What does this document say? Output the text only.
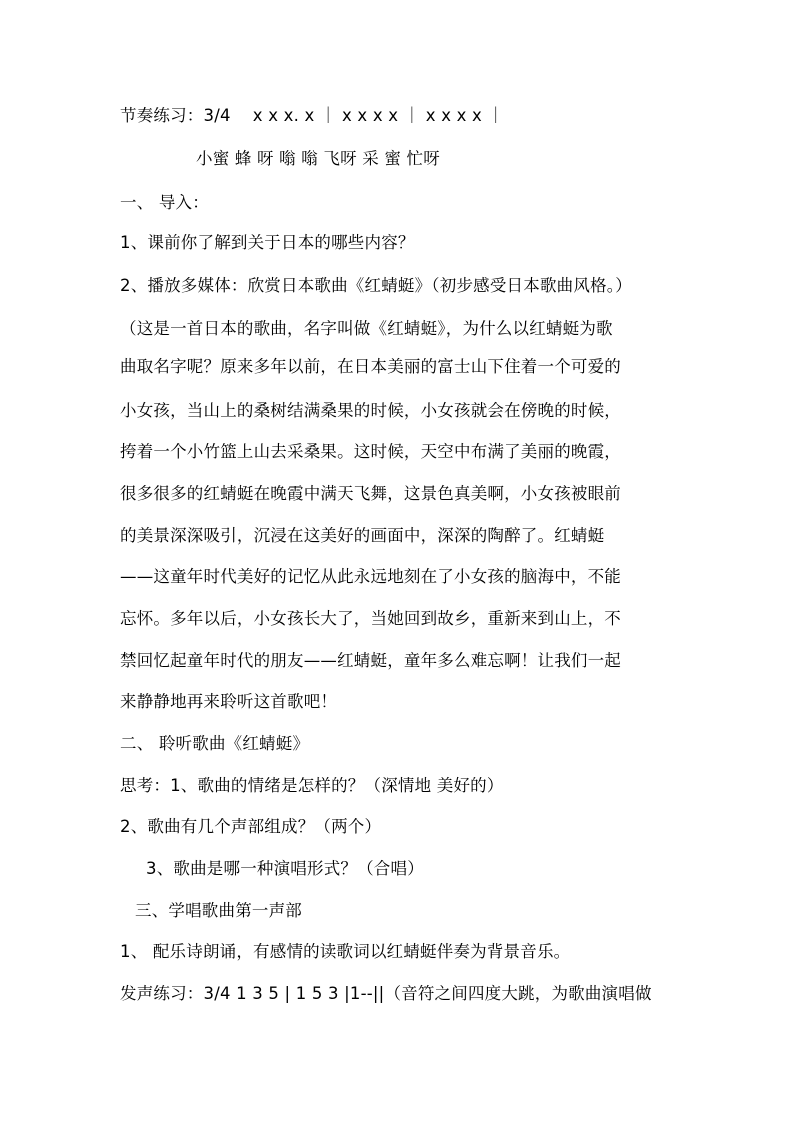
节奏练习：3/4　 x x x. x ｜ x x x x ｜ x x x x ｜
小蜜 蜂 呀 嗡 嗡 飞呀 采 蜜 忙呀
一、 导入：
1、课前你了解到关于日本的哪些内容？
2、播放多媒体：欣赏日本歌曲《红蜻蜓》（初步感受日本歌曲风格。）
（这是一首日本的歌曲，名字叫做《红蜻蜓》，为什么以红蜻蜓为歌
曲取名字呢？原来多年以前，在日本美丽的富士山下住着一个可爱的
小女孩，当山上的桑树结满桑果的时候，小女孩就会在傍晚的时候，
挎着一个小竹篮上山去采桑果。这时候，天空中布满了美丽的晚霞，
很多很多的红蜻蜓在晚霞中满天飞舞，这景色真美啊，小女孩被眼前
的美景深深吸引，沉浸在这美好的画面中，深深的陶醉了。红蜻蜓
——这童年时代美好的记忆从此永远地刻在了小女孩的脑海中，不能
忘怀。多年以后，小女孩长大了，当她回到故乡，重新来到山上，不
禁回忆起童年时代的朋友——红蜻蜓，童年多么难忘啊！让我们一起
来静静地再来聆听这首歌吧！
二、 聆听歌曲《红蜻蜓》
思考：1、歌曲的情绪是怎样的？（深情地 美好的）
2、歌曲有几个声部组成？（两个）
3、歌曲是哪一种演唱形式？（合唱）
三、学唱歌曲第一声部
1、 配乐诗朗诵，有感情的读歌词以红蜻蜓伴奏为背景音乐。
发声练习：3/4 1 3 5 | 1 5 3 |1--||（音符之间四度大跳，为歌曲演唱做
